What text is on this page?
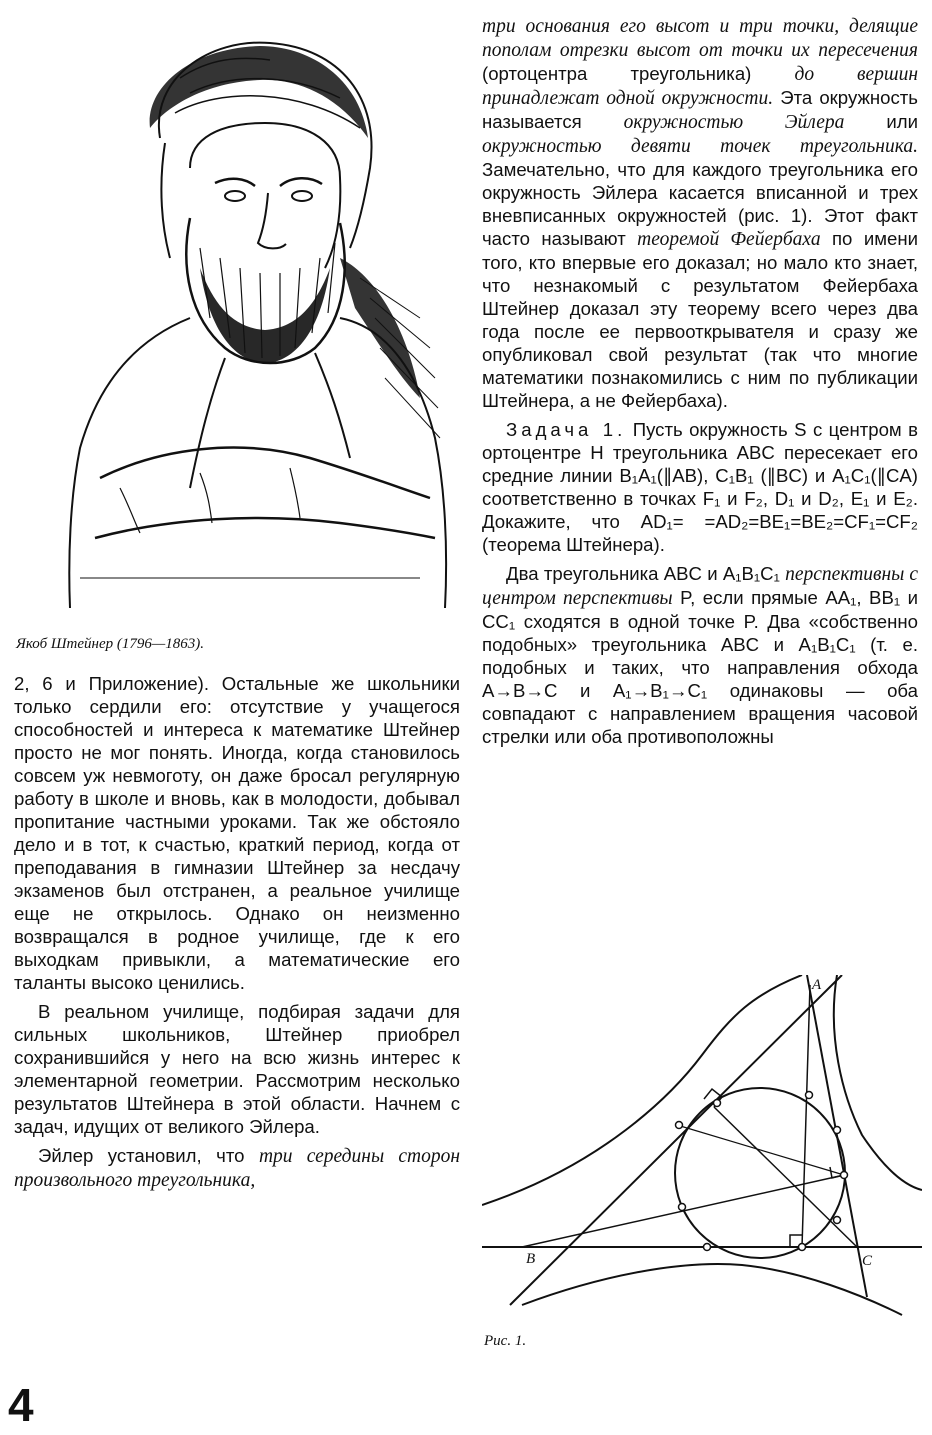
Якоб Штейнер (1796—1863).

2, 6 и Приложение). Остальные же школьники только сердили его: отсутствие у учащегося способностей и интереса к математике Штейнер просто не мог понять. Иногда, когда становилось совсем уж невмоготу, он даже бросал регулярную работу в школе и вновь, как в молодости, добывал пропитание частными уроками. Так же обстояло дело и в тот, к счастью, краткий период, когда от преподавания в гимназии Штейнер за несдачу экзаменов был отстранен, а реальное училище еще не открылось. Однако он неизменно возвращался в родное училище, где к его выходкам привыкли, а математические его таланты высоко ценились.

В реальном училище, подбирая задачи для сильных школьников, Штейнер приобрел сохранившийся у него на всю жизнь интерес к элементарной геометрии. Рассмотрим несколько результатов Штейнера в этой области. Начнем с задач, идущих от великого Эйлера.

Эйлер установил, что три середины сторон произвольного треугольника,

три основания его высот и три точки, делящие пополам отрезки высот от точки их пересечения (ортоцентра треугольника) до вершин принадлежат одной окружности. Эта окружность называется окружностью Эйлера или окружностью девяти точек треугольника. Замечательно, что для каждого треугольника его окружность Эйлера касается вписанной и трех вневписанных окружностей (рис. 1). Этот факт часто называют теоремой Фейербаха по имени того, кто впервые его доказал; но мало кто знает, что незнакомый с результатом Фейербаха Штейнер доказал эту теорему всего через два года после ее первооткрывателя и сразу же опубликовал свой результат (так что многие математики познакомились с ним по публикации Штейнера, а не Фейербаха).

Задача 1. Пусть окружность S с центром в ортоцентре H треугольника ABC пересекает его средние линии B₁A₁(∥AB), C₁B₁ (∥BC) и A₁C₁(∥CA) соответственно в точках F₁ и F₂, D₁ и D₂, E₁ и E₂. Докажите, что AD₁= =AD₂=BE₁=BE₂=CF₁=CF₂ (теорема Штейнера).

Два треугольника ABC и A₁B₁C₁ перспективны с центром перспективы P, если прямые AA₁, BB₁ и CC₁ сходятся в одной точке P. Два «собственно подобных» треугольника ABC и A₁B₁C₁ (т. е. подобных и таких, что направления обхода A→B→C и A₁→B₁→C₁ одинаковы — оба совпадают с направлением вращения часовой стрелки или оба противоположны

A
B	C
Рис. 1.
4
